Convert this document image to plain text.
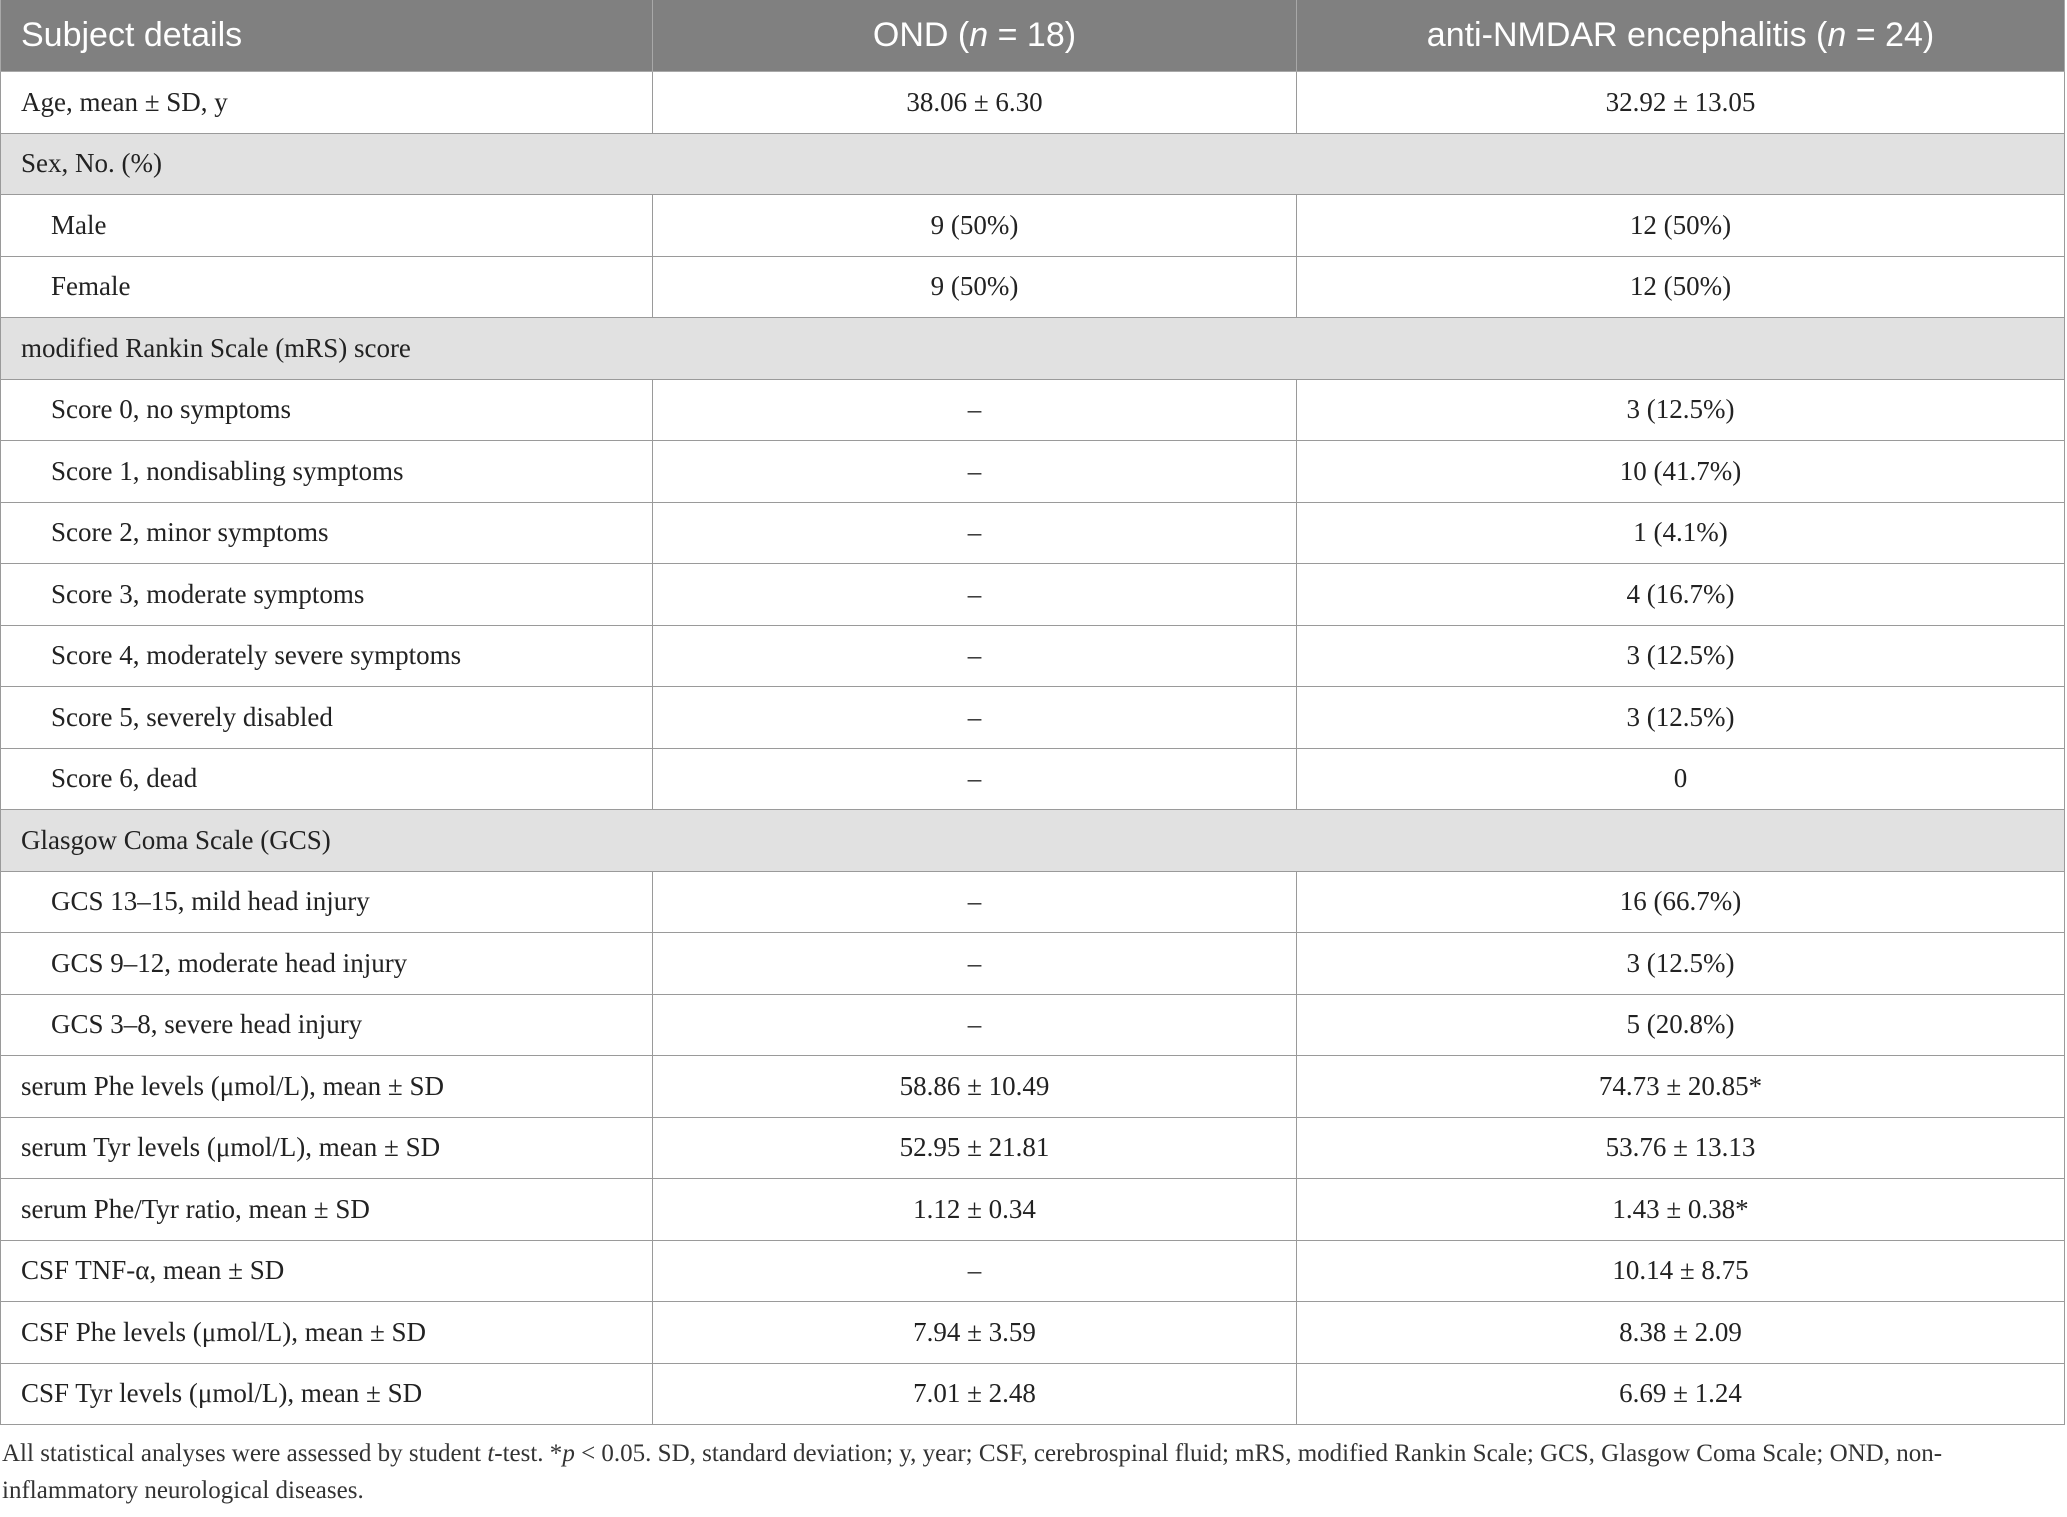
Subject details	OND (n = 18)	anti-NMDAR encephalitis (n = 24)
Age, mean ± SD, y	38.06 ± 6.30	32.92 ± 13.05
Sex, No. (%)		
Male	9 (50%)	12 (50%)
Female	9 (50%)	12 (50%)
modified Rankin Scale (mRS) score		
Score 0, no symptoms	–	3 (12.5%)
Score 1, nondisabling symptoms	–	10 (41.7%)
Score 2, minor symptoms	–	1 (4.1%)
Score 3, moderate symptoms	–	4 (16.7%)
Score 4, moderately severe symptoms	–	3 (12.5%)
Score 5, severely disabled	–	3 (12.5%)
Score 6, dead	–	0
Glasgow Coma Scale (GCS)		
GCS 13–15, mild head injury	–	16 (66.7%)
GCS 9–12, moderate head injury	–	3 (12.5%)
GCS 3–8, severe head injury	–	5 (20.8%)
serum Phe levels (μmol/L), mean ± SD	58.86 ± 10.49	74.73 ± 20.85*
serum Tyr levels (μmol/L), mean ± SD	52.95 ± 21.81	53.76 ± 13.13
serum Phe/Tyr ratio, mean ± SD	1.12 ± 0.34	1.43 ± 0.38*
CSF TNF-α, mean ± SD	–	10.14 ± 8.75
CSF Phe levels (μmol/L), mean ± SD	7.94 ± 3.59	8.38 ± 2.09
CSF Tyr levels (μmol/L), mean ± SD	7.01 ± 2.48	6.69 ± 1.24
All statistical analyses were assessed by student t-test. *p < 0.05. SD, standard deviation; y, year; CSF, cerebrospinal fluid; mRS, modified Rankin Scale; GCS, Glasgow Coma Scale; OND, non-inflammatory neurological diseases.
